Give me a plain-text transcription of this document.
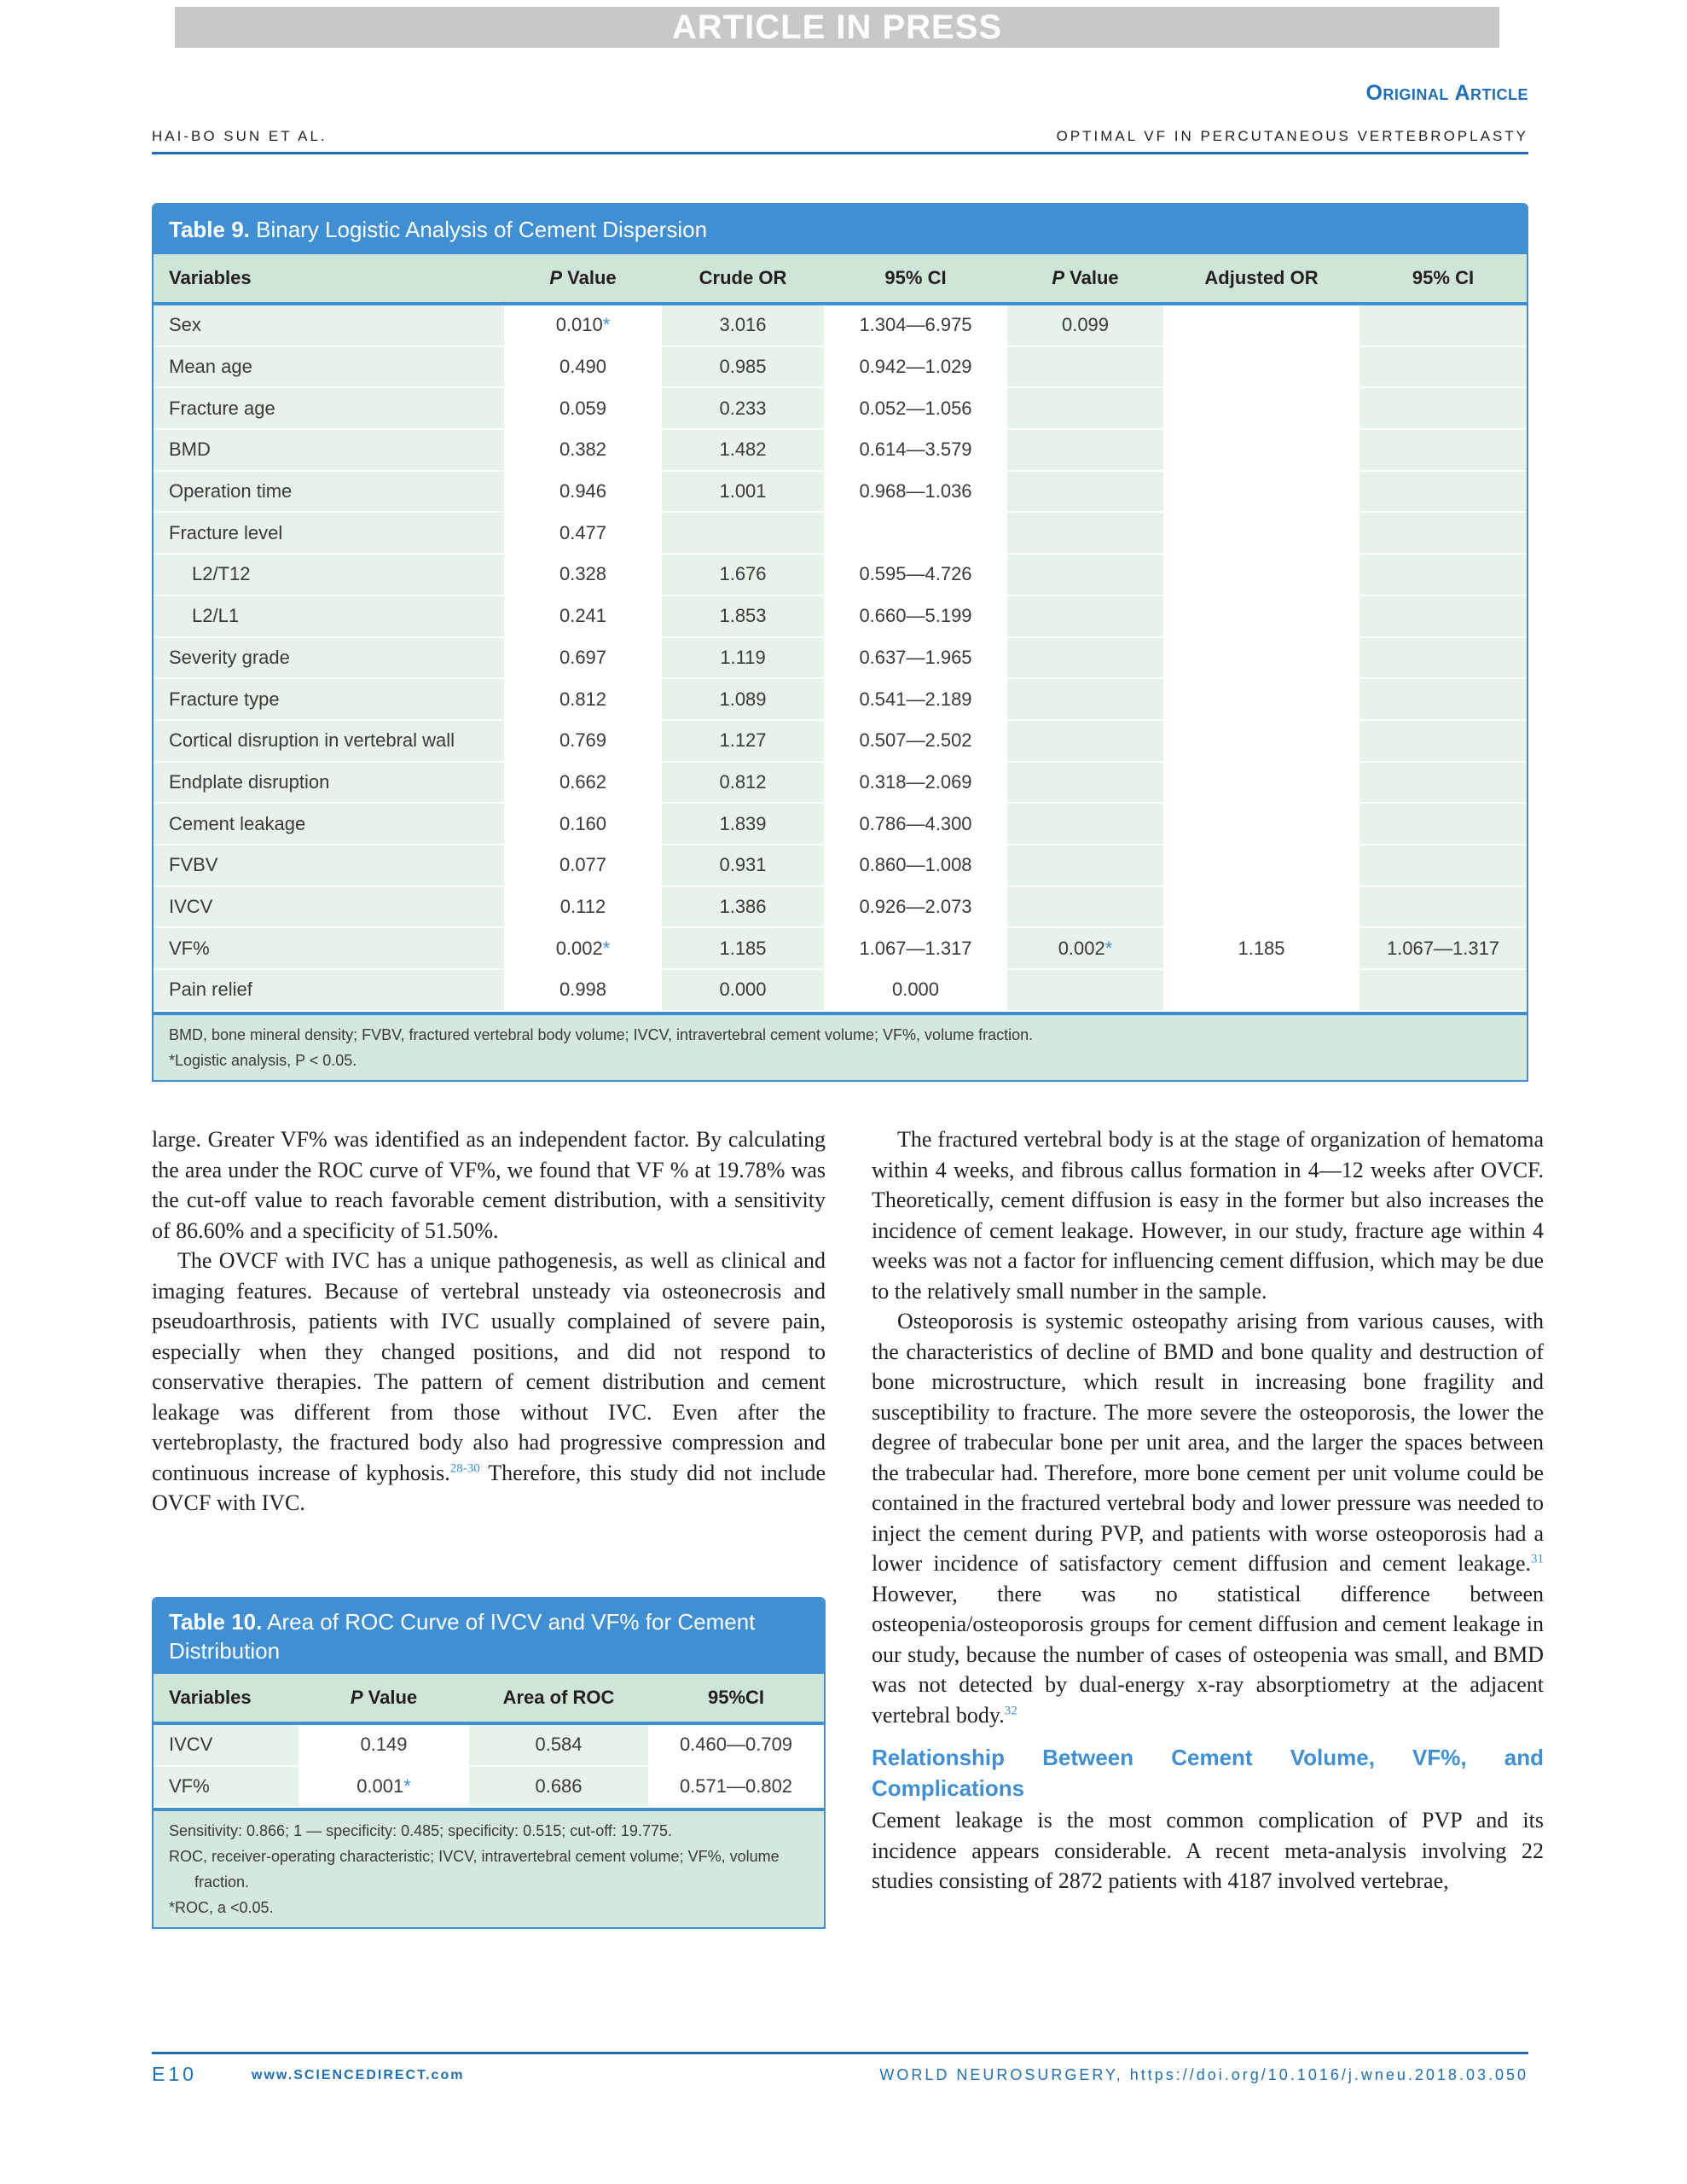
ARTICLE IN PRESS
Original Article
HAI-BO SUN ET AL.	OPTIMAL VF IN PERCUTANEOUS VERTEBROPLASTY
Table 9. Binary Logistic Analysis of Cement Dispersion
Variables	P Value	Crude OR	95% CI	P Value	Adjusted OR	95% CI
Sex	0.010*	3.016	1.304—6.975	0.099		
Mean age	0.490	0.985	0.942—1.029			
Fracture age	0.059	0.233	0.052—1.056			
BMD	0.382	1.482	0.614—3.579			
Operation time	0.946	1.001	0.968—1.036			
Fracture level	0.477					
L2/T12	0.328	1.676	0.595—4.726			
L2/L1	0.241	1.853	0.660—5.199			
Severity grade	0.697	1.119	0.637—1.965			
Fracture type	0.812	1.089	0.541—2.189			
Cortical disruption in vertebral wall	0.769	1.127	0.507—2.502			
Endplate disruption	0.662	0.812	0.318—2.069			
Cement leakage	0.160	1.839	0.786—4.300			
FVBV	0.077	0.931	0.860—1.008			
IVCV	0.112	1.386	0.926—2.073			
VF%	0.002*	1.185	1.067—1.317	0.002*	1.185	1.067—1.317
Pain relief	0.998	0.000	0.000			
BMD, bone mineral density; FVBV, fractured vertebral body volume; IVCV, intravertebral cement volume; VF%, volume fraction.
*Logistic analysis, P < 0.05.

large. Greater VF% was identified as an independent factor. By calculating the area under the ROC curve of VF%, we found that VF % at 19.78% was the cut-off value to reach favorable cement distribution, with a sensitivity of 86.60% and a specificity of 51.50%.

The OVCF with IVC has a unique pathogenesis, as well as clinical and imaging features. Because of vertebral unsteady via osteonecrosis and pseudoarthrosis, patients with IVC usually complained of severe pain, especially when they changed positions, and did not respond to conservative therapies. The pattern of cement distribution and cement leakage was different from those without IVC. Even after the vertebroplasty, the fractured body also had progressive compression and continuous increase of kyphosis.$^{28-30}$ Therefore, this study did not include OVCF with IVC.

Table 10. Area of ROC Curve of IVCV and VF% for Cement Distribution
Variables	P Value	Area of ROC	95%CI
IVCV	0.149	0.584	0.460—0.709
VF%	0.001*	0.686	0.571—0.802
Sensitivity: 0.866; 1 — specificity: 0.485; specificity: 0.515; cut-off: 19.775.
ROC, receiver-operating characteristic; IVCV, intravertebral cement volume; VF%, volume
fraction.
*ROC, a <0.05.

The fractured vertebral body is at the stage of organization of hematoma within 4 weeks, and fibrous callus formation in 4—12 weeks after OVCF. Theoretically, cement diffusion is easy in the former but also increases the incidence of cement leakage. However, in our study, fracture age within 4 weeks was not a factor for influencing cement diffusion, which may be due to the relatively small number in the sample.

Osteoporosis is systemic osteopathy arising from various causes, with the characteristics of decline of BMD and bone quality and destruction of bone microstructure, which result in increasing bone fragility and susceptibility to fracture. The more severe the osteoporosis, the lower the degree of trabecular bone per unit area, and the larger the spaces between the trabecular had. Therefore, more bone cement per unit volume could be contained in the fractured vertebral body and lower pressure was needed to inject the cement during PVP, and patients with worse osteoporosis had a lower incidence of satisfactory cement diffusion and cement leakage.$^{31}$ However, there was no statistical difference between osteopenia/osteoporosis groups for cement diffusion and cement leakage in our study, because the number of cases of osteopenia was small, and BMD was not detected by dual-energy x-ray absorptiometry at the adjacent vertebral body.$^{32}$

Relationship Between Cement Volume, VF%, and Complications

Cement leakage is the most common complication of PVP and its incidence appears considerable. A recent meta-analysis involving 22 studies consisting of 2872 patients with 4187 involved vertebrae,

E10	www.SCIENCEDIRECT.com	WORLD NEUROSURGERY, https://doi.org/10.1016/j.wneu.2018.03.050
